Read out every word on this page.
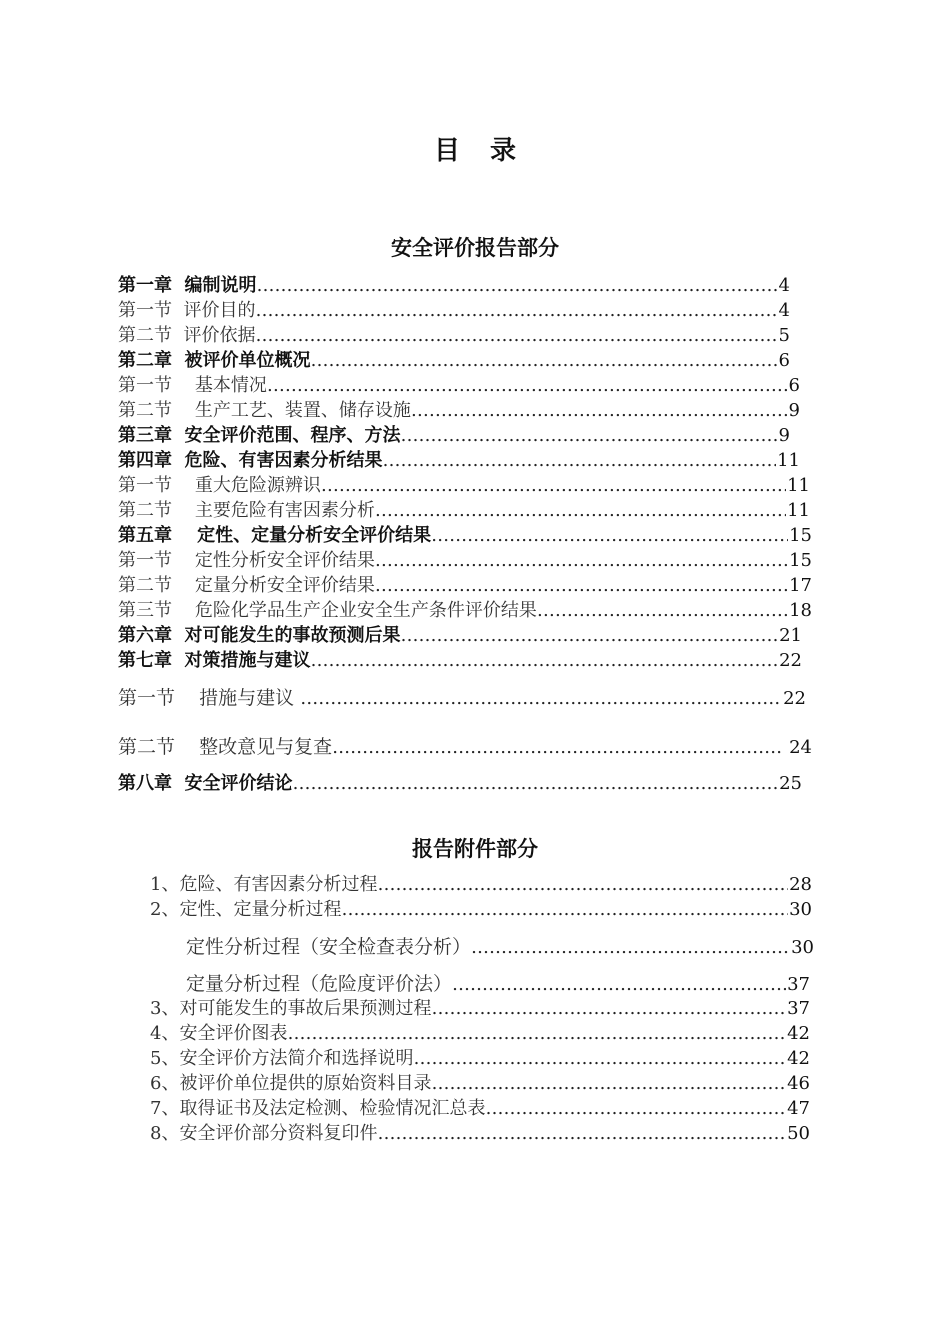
目 录
安全评价报告部分
第一章  编制说明 …………………………………………………………………………………………………………………………………………………	4
第一节  评价目的 …………………………………………………………………………………………………………………………………………………	4
第二节  评价依据 …………………………………………………………………………………………………………………………………………………	5
第二章  被评价单位概况 …………………………………………………………………………………………………………………………………………………	6
第一节    基本情况 …………………………………………………………………………………………………………………………………………………	6
第二节    生产工艺、装置、储存设施 …………………………………………………………………………………………………………………………………………………	9
第三章  安全评价范围、程序、方法 …………………………………………………………………………………………………………………………………………………	9
第四章  危险、有害因素分析结果 …………………………………………………………………………………………………………………………………………………	11
第一节    重大危险源辨识 …………………………………………………………………………………………………………………………………………………	11
第二节    主要危险有害因素分析 …………………………………………………………………………………………………………………………………………………	11
第五章    定性、定量分析安全评价结果 …………………………………………………………………………………………………………………………………………………	15
第一节    定性分析安全评价结果 …………………………………………………………………………………………………………………………………………………	15
第二节    定量分析安全评价结果 …………………………………………………………………………………………………………………………………………………	17
第三节    危险化学品生产企业安全生产条件评价结果 …………………………………………………………………………………………………………………………………………………	18
第六章  对可能发生的事故预测后果 …………………………………………………………………………………………………………………………………………………	21
第七章  对策措施与建议 …………………………………………………………………………………………………………………………………………………	22
第一节    措施与建议 …………………………………………………………………………………………………………………………………………………	22
第二节    整改意见与复查 …………………………………………………………………………………………………………………………………………………	24
第八章  安全评价结论 …………………………………………………………………………………………………………………………………………………	25
报告附件部分
1、危险、有害因素分析过程 …………………………………………………………………………………………………………………………………………………	28
2、定性、定量分析过程 …………………………………………………………………………………………………………………………………………………	30
定性分析过程（安全检查表分析） …………………………………………………………………………………………………………………………………………………	30
定量分析过程（危险度评价法） …………………………………………………………………………………………………………………………………………………	37
3、对可能发生的事故后果预测过程 …………………………………………………………………………………………………………………………………………………	37
4、安全评价图表 …………………………………………………………………………………………………………………………………………………	42
5、安全评价方法简介和选择说明 …………………………………………………………………………………………………………………………………………………	42
6、被评价单位提供的原始资料目录 …………………………………………………………………………………………………………………………………………………	46
7、取得证书及法定检测、检验情况汇总表 …………………………………………………………………………………………………………………………………………………	47
8、安全评价部分资料复印件 …………………………………………………………………………………………………………………………………………………	50
